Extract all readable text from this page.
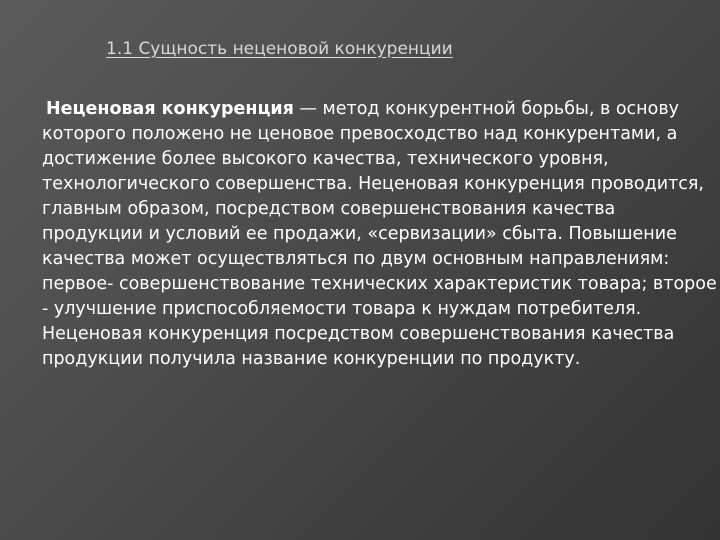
1.1 Сущность неценовой конкуренции

Неценовая конкуренция — метод конкурентной борьбы, в основу которого положено не ценовое превосходство над конкурентами, а достижение более высокого качества, технического уровня, технологического совершенства. Неценовая конкуренция проводится, главным образом, посредством совершенствования качества продукции и условий ее продажи, «сервизации» сбыта. Повышение качества может осуществляться по двум основным направлениям: первое- совершенствование технических характеристик товара; второе - улучшение приспособляемости товара к нуждам потребителя. Неценовая конкуренция посредством совершенствования качества продукции получила название конкуренции по продукту.
